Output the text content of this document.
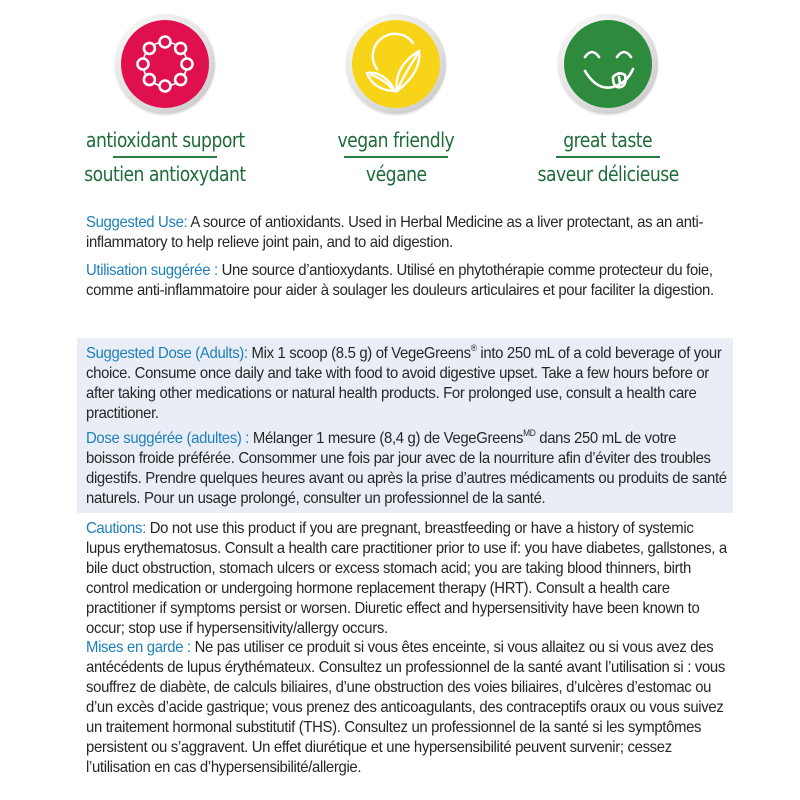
antioxidant support
soutien antioxydant
vegan friendly
végane
great taste
saveur délicieuse

Suggested Use: A source of antioxidants. Used in Herbal Medicine as a liver protectant, as an anti-inflammatory to help relieve joint pain, and to aid digestion.

Utilisation suggérée : Une source d’antioxydants. Utilisé en phytothérapie comme protecteur du foie, comme anti-inflammatoire pour aider à soulager les douleurs articulaires et pour faciliter la digestion.

Suggested Dose (Adults): Mix 1 scoop (8.5 g) of VegeGreens® into 250 mL of a cold beverage of your choice. Consume once daily and take with food to avoid digestive upset. Take a few hours before or after taking other medications or natural health products. For prolonged use, consult a health care practitioner.

Dose suggérée (adultes) : Mélanger 1 mesure (8,4 g) de VegeGreens$^{MD}$ dans 250 mL de votre boisson froide préférée. Consommer une fois par jour avec de la nourriture afin d’éviter des troubles digestifs. Prendre quelques heures avant ou après la prise d’autres médicaments ou produits de santé naturels. Pour un usage prolongé, consulter un professionnel de la santé.

Cautions: Do not use this product if you are pregnant, breastfeeding or have a history of systemic lupus erythematosus. Consult a health care practitioner prior to use if: you have diabetes, gallstones, a bile duct obstruction, stomach ulcers or excess stomach acid; you are taking blood thinners, birth control medication or undergoing hormone replacement therapy (HRT). Consult a health care practitioner if symptoms persist or worsen. Diuretic effect and hypersensitivity have been known to occur; stop use if hypersensitivity/allergy occurs.

Mises en garde : Ne pas utiliser ce produit si vous êtes enceinte, si vous allaitez ou si vous avez des antécédents de lupus érythémateux. Consultez un professionnel de la santé avant l’utilisation si : vous souffrez de diabète, de calculs biliaires, d’une obstruction des voies biliaires, d’ulcères d’estomac ou d’un excès d’acide gastrique; vous prenez des anticoagulants, des contraceptifs oraux ou vous suivez un traitement hormonal substitutif (THS). Consultez un professionnel de la santé si les symptômes persistent ou s’aggravent. Un effet diurétique et une hypersensibilité peuvent survenir; cessez l’utilisation en cas d’hypersensibilité/allergie.
